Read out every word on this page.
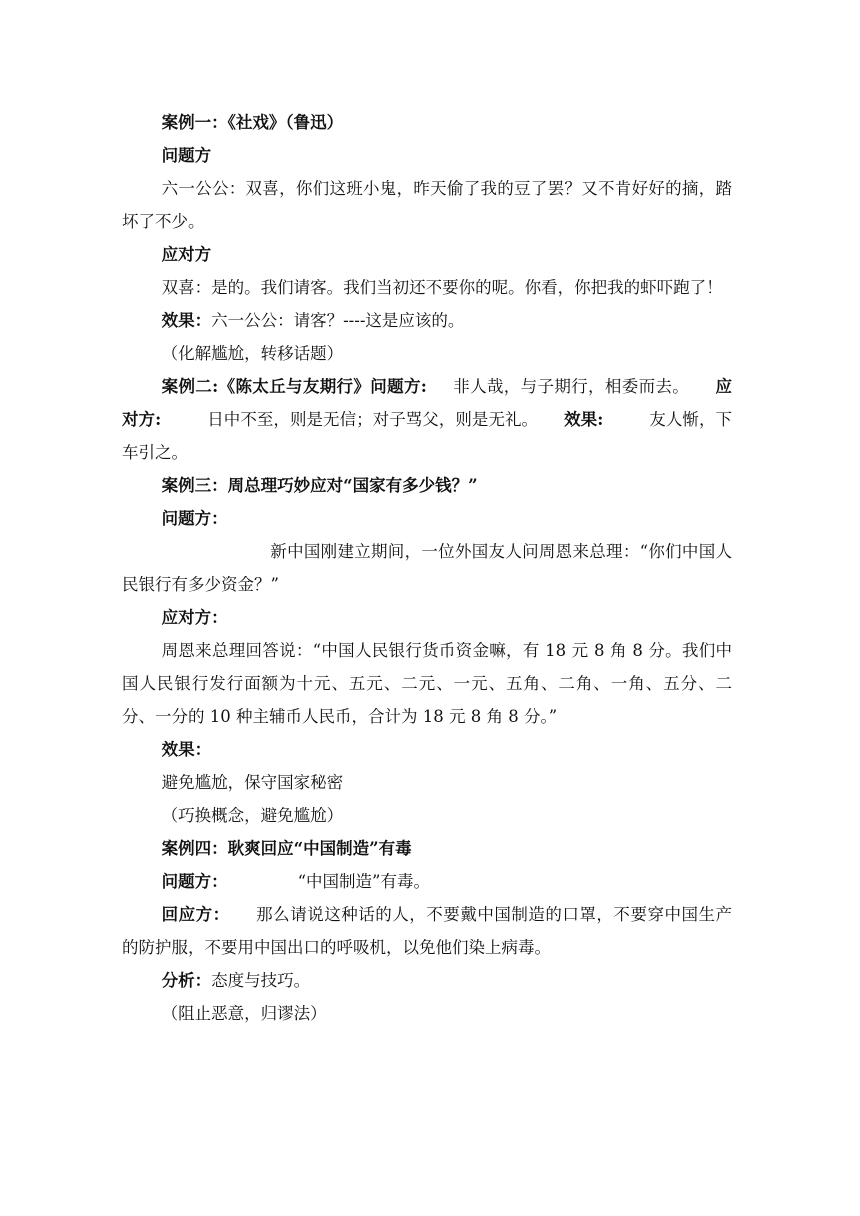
案例一：《社戏》（鲁迅）

问题方

六一公公：双喜，你们这班小鬼，昨天偷了我的豆了罢？又不肯好好的摘，踏坏了不少。

应对方

双喜：是的。我们请客。我们当初还不要你的呢。你看，你把我的虾吓跑了！

效果：六一公公：请客？----这是应该的。

（化解尴尬，转移话题）

案例二:《陈太丘与友期行》问题方: 非人哉，与子期行，相委而去。 应对方:	日中不至，则是无信；对子骂父，则是无礼。 效果:	友人惭，下车引之。

案例三：周总理巧妙应对“国家有多少钱？”

问题方：

新中国刚建立期间，一位外国友人问周恩来总理：“你们中国人民银行有多少资金？”

应对方：

周恩来总理回答说：“中国人民银行货币资金嘛，有 18 元 8 角 8 分。我们中国人民银行发行面额为十元、五元、二元、一元、五角、二角、一角、五分、二分、一分的 10 种主辅币人民币，合计为 18 元 8 角 8 分。”

效果：

避免尴尬，保守国家秘密

（巧换概念，避免尴尬）

案例四：耿爽回应“中国制造”有毒

问题方：	“中国制造”有毒。

回应方： 那么请说这种话的人，不要戴中国制造的口罩，不要穿中国生产的防护服，不要用中国出口的呼吸机，以免他们染上病毒。

分析：态度与技巧。

（阻止恶意，归谬法）
